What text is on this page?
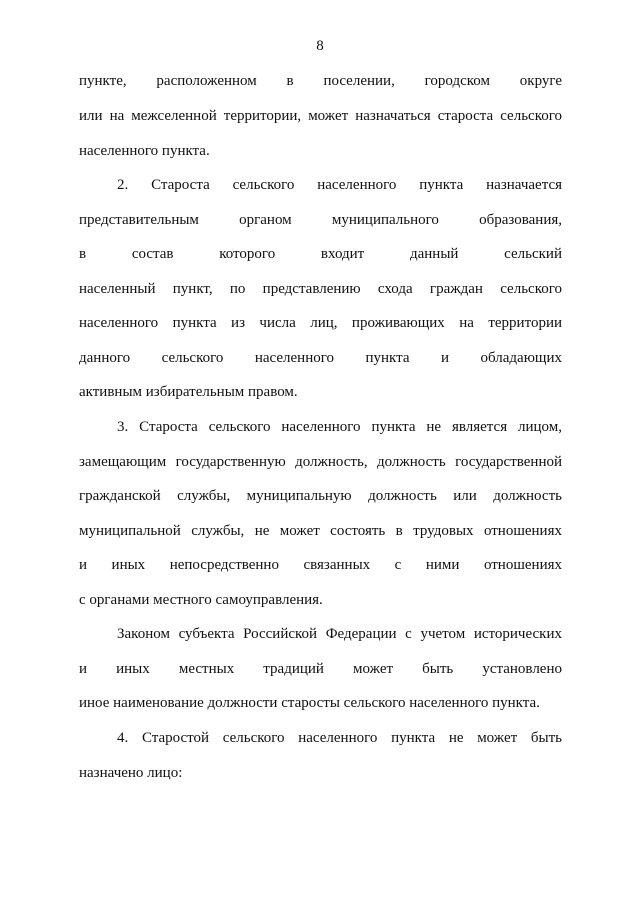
8
пункте, расположенном в поселении, городском округе
или на межселенной территории, может назначаться староста сельского
населенного пункта.
2. Староста сельского населенного пункта назначается
представительным органом муниципального образования,
в состав которого входит данный сельский
населенный пункт, по представлению схода граждан сельского
населенного пункта из числа лиц, проживающих на территории
данного сельского населенного пункта и обладающих
активным избирательным правом.
3. Староста сельского населенного пункта не является лицом,
замещающим государственную должность, должность государственной
гражданской службы, муниципальную должность или должность
муниципальной службы, не может состоять в трудовых отношениях
и иных непосредственно связанных с ними отношениях
с органами местного самоуправления.
Законом субъекта Российской Федерации с учетом исторических
и иных местных традиций может быть установлено
иное наименование должности старосты сельского населенного пункта.
4. Старостой сельского населенного пункта не может быть
назначено лицо:
